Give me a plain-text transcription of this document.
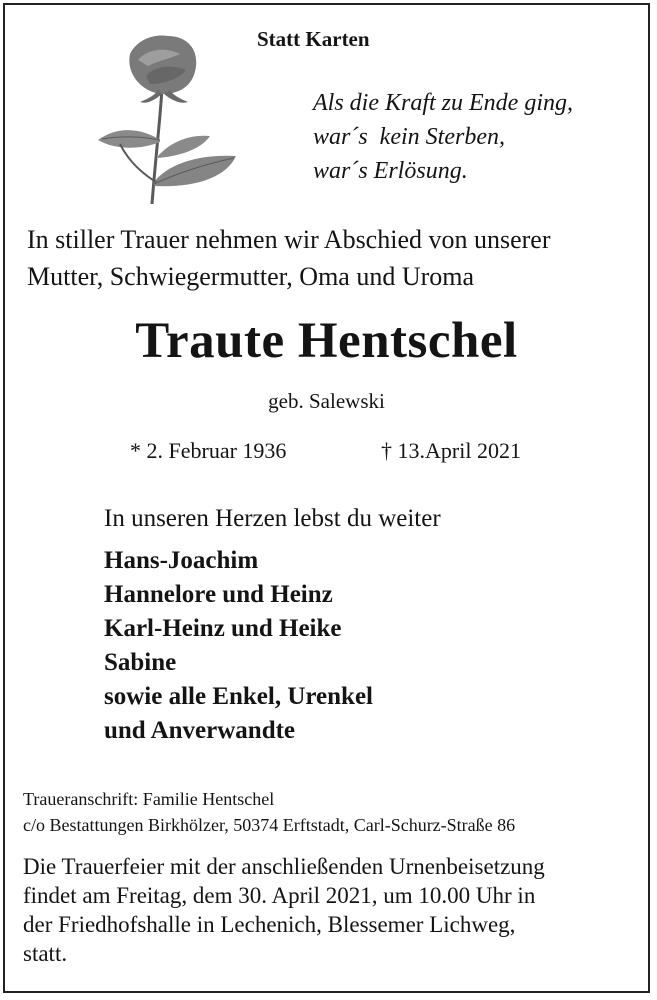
Statt Karten
Als die Kraft zu Ende ging,
war´s  kein Sterben,
war´s Erlösung.
In stiller Trauer nehmen wir Abschied von unserer
Mutter, Schwiegermutter, Oma und Uroma
Traute Hentschel
geb. Salewski
* 2. Februar 1936	† 13.April 2021
In unseren Herzen lebst du weiter
Hans-Joachim
Hannelore und Heinz
Karl-Heinz und Heike
Sabine
sowie alle Enkel, Urenkel
und Anverwandte
Traueranschrift: Familie Hentschel
c/o Bestattungen Birkhölzer, 50374 Erftstadt, Carl-Schurz-Straße 86
Die Trauerfeier mit der anschließenden Urnenbeisetzung
findet am Freitag, dem 30. April 2021, um 10.00 Uhr in
der Friedhofshalle in Lechenich, Blessemer Lichweg,
statt.
